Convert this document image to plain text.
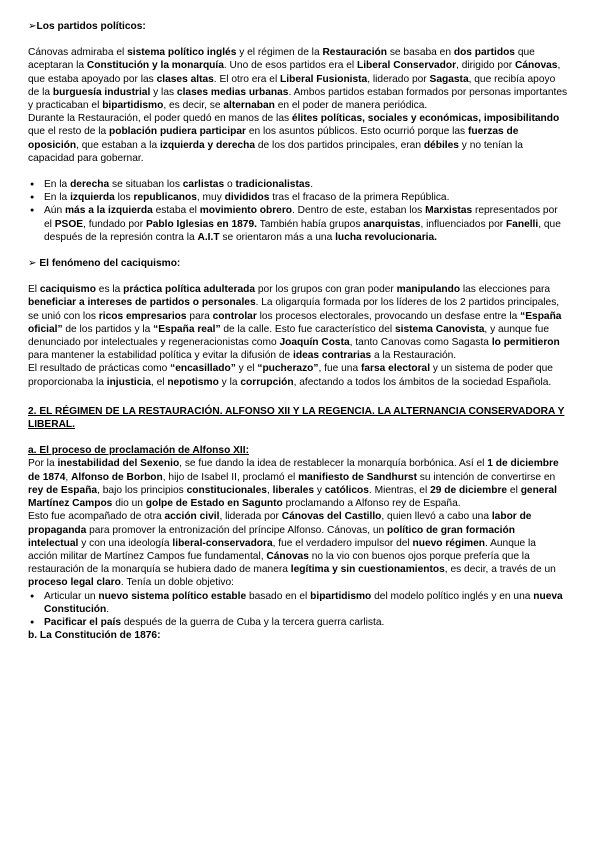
➢Los partidos políticos:

Cánovas admiraba el sistema político inglés y el régimen de la Restauración se basaba en dos partidos que aceptaran la Constitución y la monarquía. Uno de esos partidos era el Liberal Conservador, dirigido por Cánovas, que estaba apoyado por las clases altas. El otro era el Liberal Fusionista, liderado por Sagasta, que recibía apoyo de la burguesía industrial y las clases medias urbanas. Ambos partidos estaban formados por personas importantes y practicaban el bipartidismo, es decir, se alternaban en el poder de manera periódica.

Durante la Restauración, el poder quedó en manos de las élites políticas, sociales y económicas, imposibilitando que el resto de la población pudiera participar en los asuntos públicos. Esto ocurrió porque las fuerzas de oposición, que estaban a la izquierda y derecha de los dos partidos principales, eran débiles y no tenían la capacidad para gobernar.

● En la derecha se situaban los carlistas o tradicionalistas.
● En la izquierda los republicanos, muy divididos tras el fracaso de la primera República.
● Aún más a la izquierda estaba el movimiento obrero. Dentro de este, estaban los Marxistas representados por el PSOE, fundado por Pablo Iglesias en 1879. También había grupos anarquistas, influenciados por Fanelli, que después de la represión contra la A.I.T se orientaron más a una lucha revolucionaria.
➢ El fenómeno del caciquismo:

El caciquismo es la práctica política adulterada por los grupos con gran poder manipulando las elecciones para beneficiar a intereses de partidos o personales. La oligarquía formada por los líderes de los 2 partidos principales, se unió con los ricos empresarios para controlar los procesos electorales, provocando un desfase entre la “España oficial” de los partidos y la “España real” de la calle. Esto fue característico del sistema Canovista, y aunque fue denunciado por intelectuales y regeneracionistas como Joaquín Costa, tanto Canovas como Sagasta lo permitieron para mantener la estabilidad política y evitar la difusión de ideas contrarias a la Restauración.

El resultado de prácticas como “encasillado” y el “pucherazo”, fue una farsa electoral y un sistema de poder que proporcionaba la injusticia, el nepotismo y la corrupción, afectando a todos los ámbitos de la sociedad Española.

2. EL RÉGIMEN DE LA RESTAURACIÓN. ALFONSO XII Y LA REGENCIA. LA ALTERNANCIA CONSERVADORA Y LIBERAL.
a. El proceso de proclamación de Alfonso XII:

Por la inestabilidad del Sexenio, se fue dando la idea de restablecer la monarquía borbónica. Así el 1 de diciembre de 1874, Alfonso de Borbon, hijo de Isabel II, proclamó el manifiesto de Sandhurst su intención de convertirse en rey de España, bajo los principios constitucionales, liberales y católicos. Mientras, el 29 de diciembre el general Martínez Campos dio un golpe de Estado en Sagunto proclamando a Alfonso rey de España.

Esto fue acompañado de otra acción civil, liderada por Cánovas del Castillo, quien llevó a cabo una labor de propaganda para promover la entronización del príncipe Alfonso. Cánovas, un político de gran formación intelectual y con una ideología liberal-conservadora, fue el verdadero impulsor del nuevo régimen. Aunque la acción militar de Martínez Campos fue fundamental, Cánovas no la vio con buenos ojos porque prefería que la restauración de la monarquía se hubiera dado de manera legítima y sin cuestionamientos, es decir, a través de un proceso legal claro. Tenía un doble objetivo:

● Articular un nuevo sistema político estable basado en el bipartidismo del modelo político inglés y en una nueva Constitución.
● Pacificar el país después de la guerra de Cuba y la tercera guerra carlista.
b. La Constitución de 1876:
